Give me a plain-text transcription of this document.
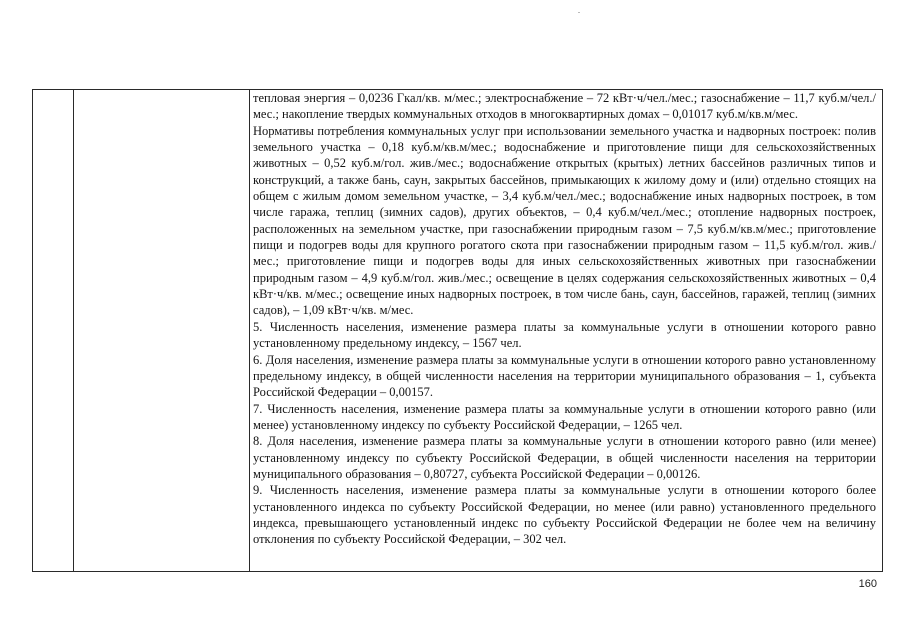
тепловая энергия – 0,0236 Гкал/кв. м/мес.; электроснабжение – 72 кВт·ч/чел./мес.; газоснабжение – 11,7 куб.м/чел./мес.; накопление твердых коммунальных отходов в многоквартирных домах – 0,01017 куб.м/кв.м/мес.

Нормативы потребления коммунальных услуг при использовании земельного участка и надворных построек: полив земельного участка – 0,18 куб.м/кв.м/мес.; водоснабжение и приготовление пищи для сельскохозяйственных животных – 0,52 куб.м/гол. жив./мес.; водоснабжение открытых (крытых) летних бассейнов различных типов и конструкций, а также бань, саун, закрытых бассейнов, примыкающих к жилому дому и (или) отдельно стоящих на общем с жилым домом земельном участке, – 3,4 куб.м/чел./мес.; водоснабжение иных надворных построек, в том числе гаража, теплиц (зимних садов), других объектов, – 0,4 куб.м/чел./мес.; отопление надворных построек, расположенных на земельном участке, при газоснабжении природным газом – 7,5 куб.м/кв.м/мес.; приготовление пищи и подогрев воды для крупного рогатого скота при газоснабжении природным газом – 11,5 куб.м/гол. жив./мес.; приготовление пищи и подогрев воды для иных сельскохозяйственных животных при газоснабжении природным газом – 4,9 куб.м/гол. жив./мес.; освещение в целях содержания сельскохозяйственных животных – 0,4 кВт·ч/кв. м/мес.; освещение иных надворных построек, в том числе бань, саун, бассейнов, гаражей, теплиц (зимних садов), – 1,09 кВт·ч/кв. м/мес.

5. Численность населения, изменение размера платы за коммунальные услуги в отношении которого равно установленному предельному индексу, – 1567 чел.

6. Доля населения, изменение размера платы за коммунальные услуги в отношении которого равно установленному предельному индексу, в общей численности населения на территории муниципального образования – 1, субъекта Российской Федерации – 0,00157.

7. Численность населения, изменение размера платы за коммунальные услуги в отношении которого равно (или менее) установленному индексу по субъекту Российской Федерации, – 1265 чел.

8. Доля населения, изменение размера платы за коммунальные услуги в отношении которого равно (или менее) установленному индексу по субъекту Российской Федерации, в общей численности населения на территории муниципального образования – 0,80727, субъекта Российской Федерации – 0,00126.

9. Численность населения, изменение размера платы за коммунальные услуги в отношении которого более установленного индекса по субъекту Российской Федерации, но менее (или равно) установленного предельного индекса, превышающего установленный индекс по субъекту Российской Федерации не более чем на величину отклонения по субъекту Российской Федерации, – 302 чел.

160
